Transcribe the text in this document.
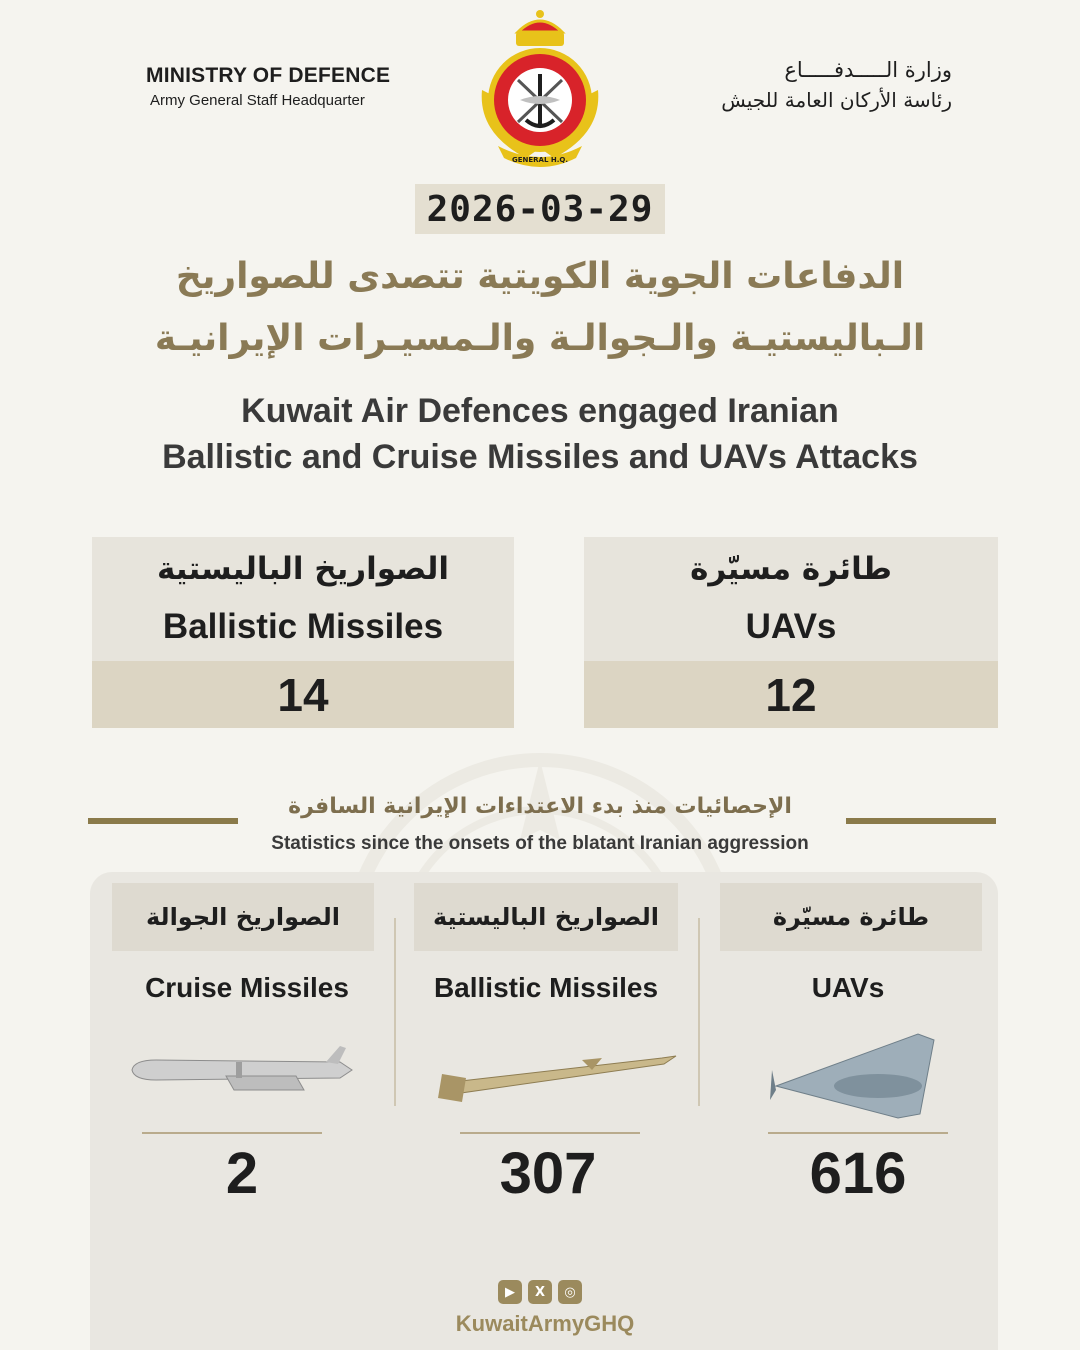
MINISTRY OF DEFENCE
Army General Staff Headquarter
وزارة الـــــدفـــــاع
رئاسة الأركان العامة للجيش
GENERAL H.Q.
2026-03-29
الدفاعات الجوية الكويتية تتصدى للصواريخ
الـباليستيـة والـجوالـة والـمسيـرات الإيرانيـة
Kuwait Air Defences engaged Iranian
Ballistic and Cruise Missiles and UAVs Attacks
الصواريخ الباليستية
Ballistic Missiles
14
طائرة مسيّرة
UAVs
12
الإحصائيات منذ بدء الاعتداءات الإيرانية السافرة
Statistics since the onsets of the blatant Iranian aggression
الصواريخ الجوالة
Cruise Missiles
2
الصواريخ الباليستية
Ballistic Missiles
307
طائرة مسيّرة
UAVs
616
▶	X	◎
KuwaitArmyGHQ
